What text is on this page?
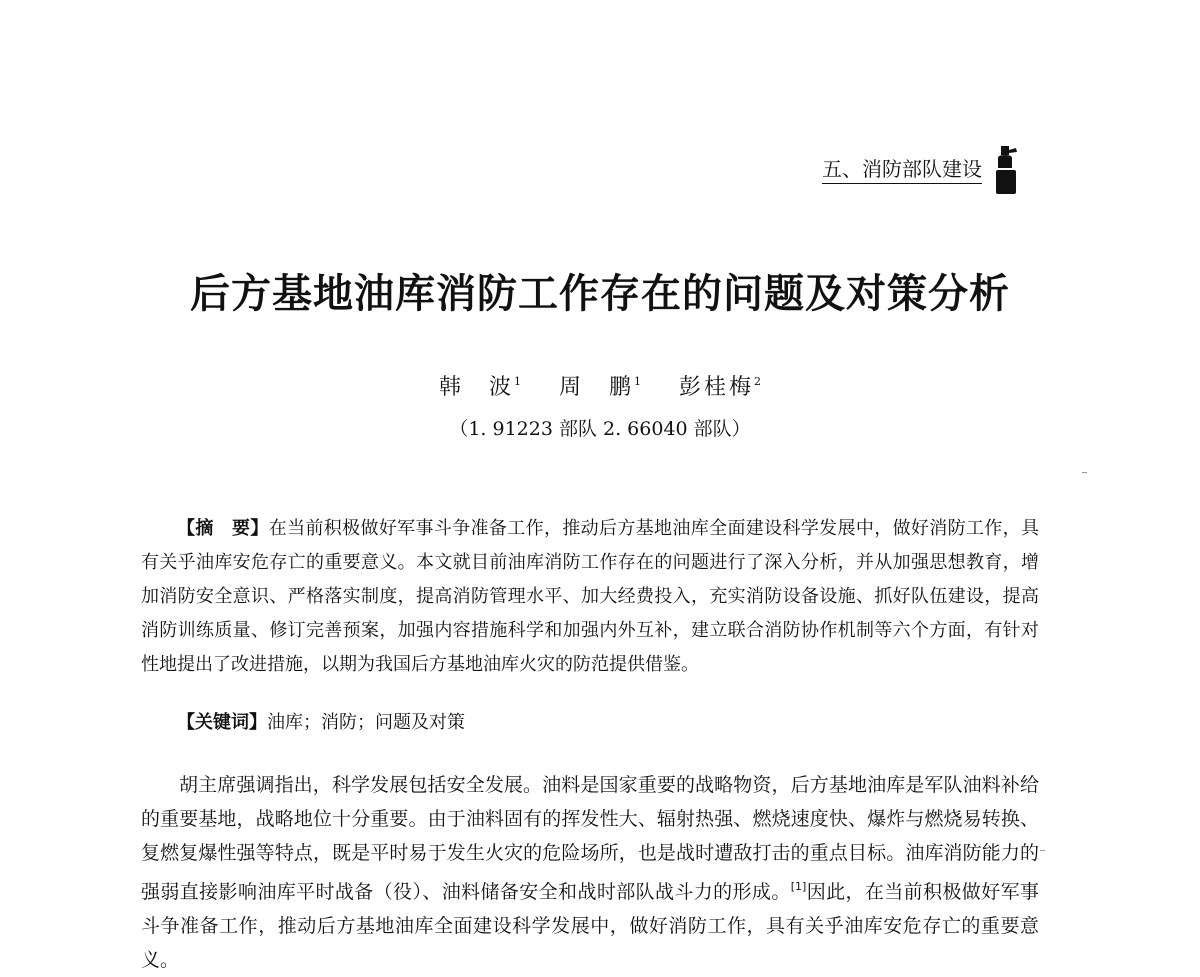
五、消防部队建设
后方基地油库消防工作存在的问题及对策分析
韩　波$^1$ 周　鹏$^1$ 彭桂梅$^2$
（1. 91223 部队 2. 66040 部队）

【摘　要】在当前积极做好军事斗争准备工作，推动后方基地油库全面建设科学发展中，做好消防工作，具有关乎油库安危存亡的重要意义。本文就目前油库消防工作存在的问题进行了深入分析，并从加强思想教育，增加消防安全意识、严格落实制度，提高消防管理水平、加大经费投入，充实消防设备设施、抓好队伍建设，提高消防训练质量、修订完善预案，加强内容措施科学和加强内外互补，建立联合消防协作机制等六个方面，有针对性地提出了改进措施，以期为我国后方基地油库火灾的防范提供借鉴。

【关键词】油库；消防；问题及对策

胡主席强调指出，科学发展包括安全发展。油料是国家重要的战略物资，后方基地油库是军队油料补给的重要基地，战略地位十分重要。由于油料固有的挥发性大、辐射热强、燃烧速度快、爆炸与燃烧易转换、复燃复爆性强等特点，既是平时易于发生火灾的危险场所，也是战时遭敌打击的重点目标。油库消防能力的强弱直接影响油库平时战备（役）、油料储备安全和战时部队战斗力的形成。[1]因此，在当前积极做好军事斗争准备工作，推动后方基地油库全面建设科学发展中，做好消防工作，具有关乎油库安危存亡的重要意义。
